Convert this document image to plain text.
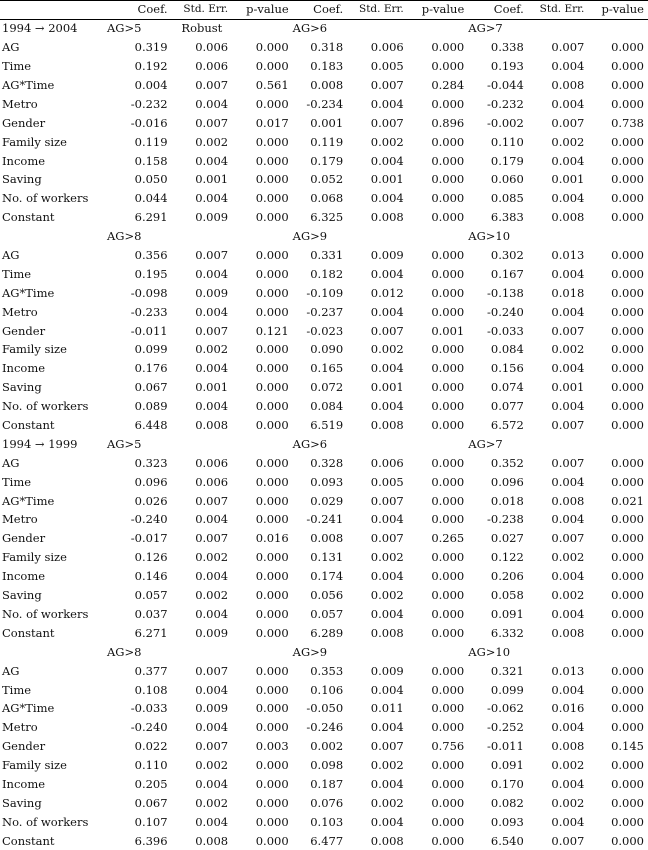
	Coef.	Std. Err.	p-value	Coef.	Std. Err.	p-value	Coef.	Std. Err.	p-value
1994 → 2004	AG>5	Robust		AG>6			AG>7		
AG	0.319	0.006	0.000	0.318	0.006	0.000	0.338	0.007	0.000
Time	0.192	0.006	0.000	0.183	0.005	0.000	0.193	0.004	0.000
AG*Time	0.004	0.007	0.561	0.008	0.007	0.284	-0.044	0.008	0.000
Metro	-0.232	0.004	0.000	-0.234	0.004	0.000	-0.232	0.004	0.000
Gender	-0.016	0.007	0.017	0.001	0.007	0.896	-0.002	0.007	0.738
Family size	0.119	0.002	0.000	0.119	0.002	0.000	0.110	0.002	0.000
Income	0.158	0.004	0.000	0.179	0.004	0.000	0.179	0.004	0.000
Saving	0.050	0.001	0.000	0.052	0.001	0.000	0.060	0.001	0.000
No. of workers	0.044	0.004	0.000	0.068	0.004	0.000	0.085	0.004	0.000
Constant	6.291	0.009	0.000	6.325	0.008	0.000	6.383	0.008	0.000
	AG>8			AG>9			AG>10		
AG	0.356	0.007	0.000	0.331	0.009	0.000	0.302	0.013	0.000
Time	0.195	0.004	0.000	0.182	0.004	0.000	0.167	0.004	0.000
AG*Time	-0.098	0.009	0.000	-0.109	0.012	0.000	-0.138	0.018	0.000
Metro	-0.233	0.004	0.000	-0.237	0.004	0.000	-0.240	0.004	0.000
Gender	-0.011	0.007	0.121	-0.023	0.007	0.001	-0.033	0.007	0.000
Family size	0.099	0.002	0.000	0.090	0.002	0.000	0.084	0.002	0.000
Income	0.176	0.004	0.000	0.165	0.004	0.000	0.156	0.004	0.000
Saving	0.067	0.001	0.000	0.072	0.001	0.000	0.074	0.001	0.000
No. of workers	0.089	0.004	0.000	0.084	0.004	0.000	0.077	0.004	0.000
Constant	6.448	0.008	0.000	6.519	0.008	0.000	6.572	0.007	0.000
1994 → 1999	AG>5			AG>6			AG>7		
AG	0.323	0.006	0.000	0.328	0.006	0.000	0.352	0.007	0.000
Time	0.096	0.006	0.000	0.093	0.005	0.000	0.096	0.004	0.000
AG*Time	0.026	0.007	0.000	0.029	0.007	0.000	0.018	0.008	0.021
Metro	-0.240	0.004	0.000	-0.241	0.004	0.000	-0.238	0.004	0.000
Gender	-0.017	0.007	0.016	0.008	0.007	0.265	0.027	0.007	0.000
Family size	0.126	0.002	0.000	0.131	0.002	0.000	0.122	0.002	0.000
Income	0.146	0.004	0.000	0.174	0.004	0.000	0.206	0.004	0.000
Saving	0.057	0.002	0.000	0.056	0.002	0.000	0.058	0.002	0.000
No. of workers	0.037	0.004	0.000	0.057	0.004	0.000	0.091	0.004	0.000
Constant	6.271	0.009	0.000	6.289	0.008	0.000	6.332	0.008	0.000
	AG>8			AG>9			AG>10		
AG	0.377	0.007	0.000	0.353	0.009	0.000	0.321	0.013	0.000
Time	0.108	0.004	0.000	0.106	0.004	0.000	0.099	0.004	0.000
AG*Time	-0.033	0.009	0.000	-0.050	0.011	0.000	-0.062	0.016	0.000
Metro	-0.240	0.004	0.000	-0.246	0.004	0.000	-0.252	0.004	0.000
Gender	0.022	0.007	0.003	0.002	0.007	0.756	-0.011	0.008	0.145
Family size	0.110	0.002	0.000	0.098	0.002	0.000	0.091	0.002	0.000
Income	0.205	0.004	0.000	0.187	0.004	0.000	0.170	0.004	0.000
Saving	0.067	0.002	0.000	0.076	0.002	0.000	0.082	0.002	0.000
No. of workers	0.107	0.004	0.000	0.103	0.004	0.000	0.093	0.004	0.000
Constant	6.396	0.008	0.000	6.477	0.008	0.000	6.540	0.007	0.000
